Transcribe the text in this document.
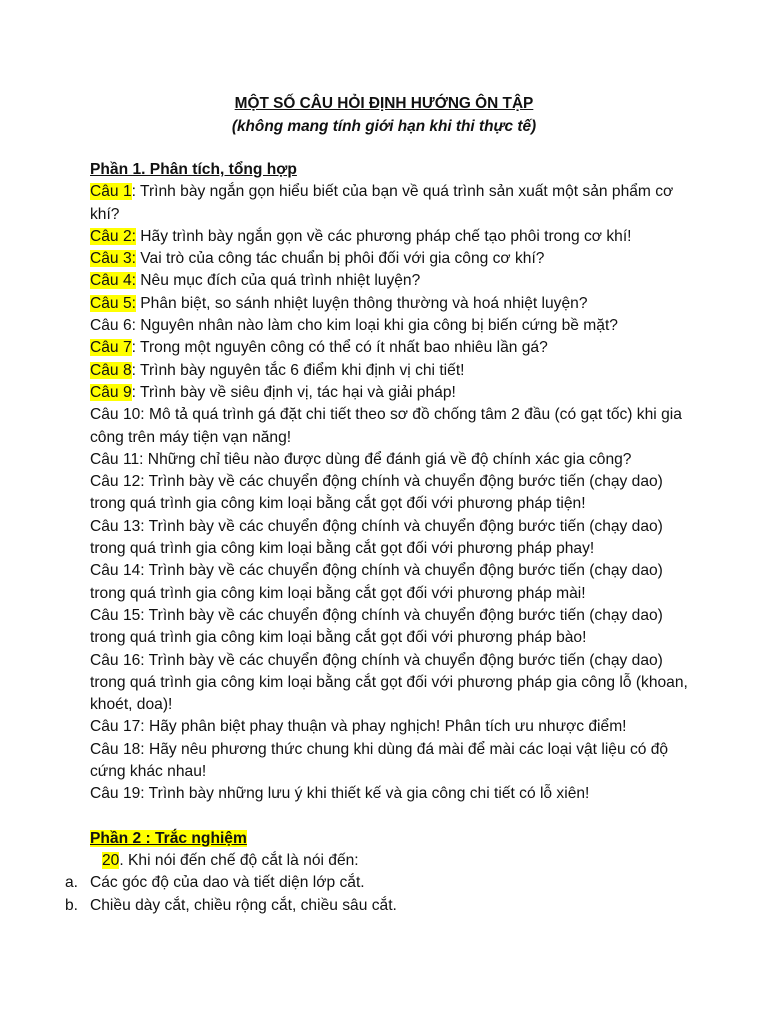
MỘT SỐ CÂU HỎI ĐỊNH HƯỚNG ÔN TẬP
(không mang tính giới hạn khi thi thực tế)
Phần 1. Phân tích, tổng hợp
Câu 1: Trình bày ngắn gọn hiểu biết của bạn về quá trình sản xuất một sản phẩm cơ khí?
Câu 2: Hãy trình bày ngắn gọn về các phương pháp chế tạo phôi trong cơ khí!
Câu 3: Vai trò của công tác chuẩn bị phôi đối với gia công cơ khí?
Câu 4: Nêu mục đích của quá trình nhiệt luyện?
Câu 5: Phân biệt, so sánh nhiệt luyện thông thường và hoá nhiệt luyện?
Câu 6: Nguyên nhân nào làm cho kim loại khi gia công bị biến cứng bề mặt?
Câu 7: Trong một nguyên công có thể có ít nhất bao nhiêu lần gá?
Câu 8: Trình bày nguyên tắc 6 điểm khi định vị chi tiết!
Câu 9: Trình bày về siêu định vị, tác hại và giải pháp!
Câu 10: Mô tả quá trình gá đặt chi tiết theo sơ đồ chống tâm 2 đầu (có gạt tốc) khi gia công trên máy tiện vạn năng!
Câu 11: Những chỉ tiêu nào được dùng để đánh giá về độ chính xác gia công?
Câu 12: Trình bày về các chuyển động chính và chuyển động bước tiến (chạy dao) trong quá trình gia công kim loại bằng cắt gọt đối với phương pháp tiện!
Câu 13: Trình bày về các chuyển động chính và chuyển động bước tiến (chạy dao) trong quá trình gia công kim loại bằng cắt gọt đối với phương pháp phay!
Câu 14: Trình bày về các chuyển động chính và chuyển động bước tiến (chạy dao) trong quá trình gia công kim loại bằng cắt gọt đối với phương pháp mài!
Câu 15: Trình bày về các chuyển động chính và chuyển động bước tiến (chạy dao) trong quá trình gia công kim loại bằng cắt gọt đối với phương pháp bào!
Câu 16: Trình bày về các chuyển động chính và chuyển động bước tiến (chạy dao) trong quá trình gia công kim loại bằng cắt gọt đối với phương pháp gia công lỗ (khoan, khoét, doa)!
Câu 17: Hãy phân biệt phay thuận và phay nghịch! Phân tích ưu nhược điểm!
Câu 18: Hãy nêu phương thức chung khi dùng đá mài để mài các loại vật liệu có độ cứng khác nhau!
Câu 19: Trình bày những lưu ý khi thiết kế và gia công chi tiết có lỗ xiên!
Phần 2 : Trắc nghiệm
20. Khi nói đến chế độ cắt là nói đến:
a. Các góc độ của dao và tiết diện lớp cắt.
b. Chiều dày cắt, chiều rộng cắt, chiều sâu cắt.
